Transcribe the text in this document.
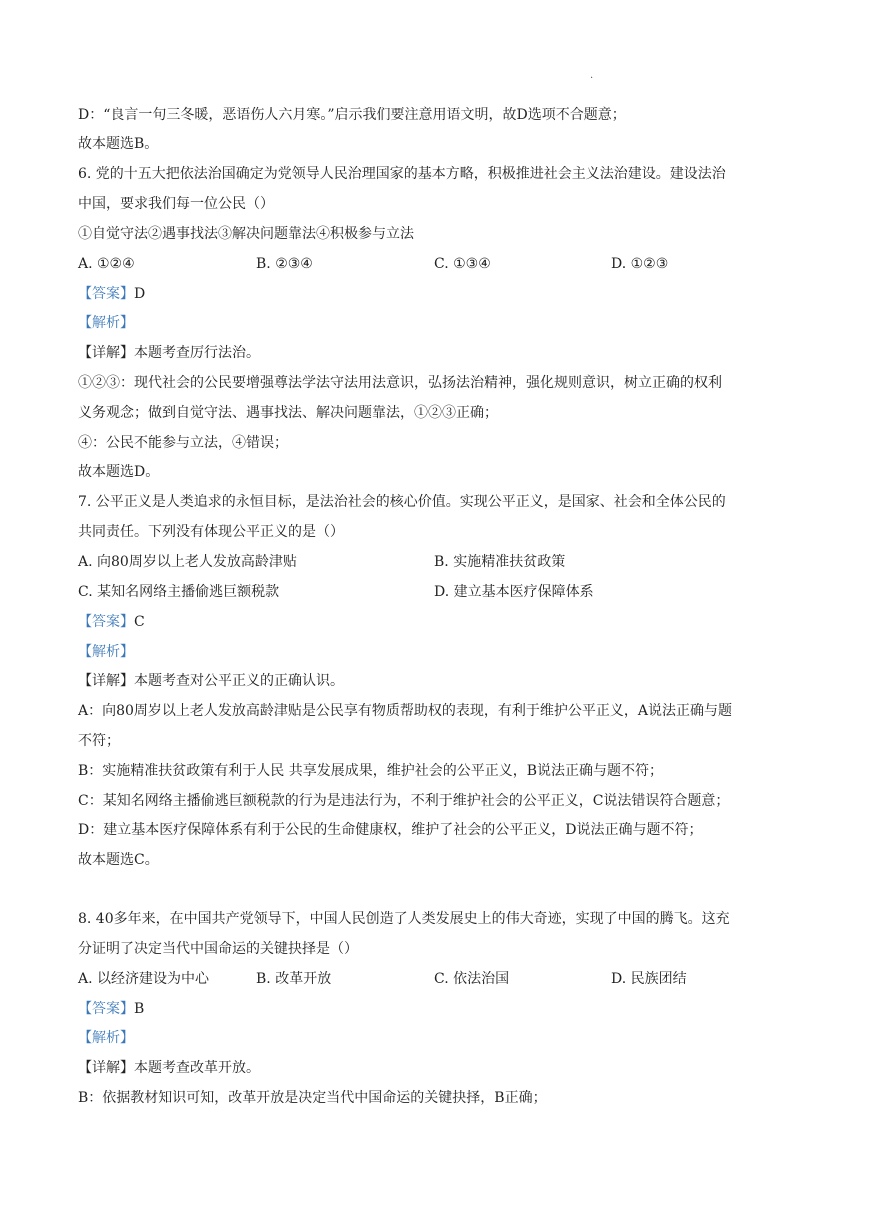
.
D：“良言一句三冬暖，恶语伤人六月寒。”启示我们要注意用语文明，故D选项不合题意；
故本题选B。
6. 党的十五大把依法治国确定为党领导人民治理国家的基本方略，积极推进社会主义法治建设。建设法治
中国，要求我们每一位公民（）
①自觉守法②遇事找法③解决问题靠法④积极参与立法
A. ①②④	B. ②③④	C. ①③④	D. ①②③
【答案】D
【解析】
【详解】本题考查厉行法治。
①②③：现代社会的公民要增强尊法学法守法用法意识，弘扬法治精神，强化规则意识，树立正确的权利
义务观念；做到自觉守法、遇事找法、解决问题靠法，①②③正确；
④：公民不能参与立法，④错误；
故本题选D。
7. 公平正义是人类追求的永恒目标，是法治社会的核心价值。实现公平正义，是国家、社会和全体公民的
共同责任。下列没有体现公平正义的是（）
A. 向80周岁以上老人发放高龄津贴	B. 实施精准扶贫政策
C. 某知名网络主播偷逃巨额税款	D. 建立基本医疗保障体系
【答案】C
【解析】
【详解】本题考查对公平正义的正确认识。
A：向80周岁以上老人发放高龄津贴是公民享有物质帮助权的表现，有利于维护公平正义，A说法正确与题
不符；
B：实施精准扶贫政策有利于人民 共享发展成果，维护社会的公平正义，B说法正确与题不符；
C：某知名网络主播偷逃巨额税款的行为是违法行为，不利于维护社会的公平正义，C说法错误符合题意；
D：建立基本医疗保障体系有利于公民的生命健康权，维护了社会的公平正义，D说法正确与题不符；
故本题选C。
8. 40多年来，在中国共产党领导下，中国人民创造了人类发展史上的伟大奇迹，实现了中国的腾飞。这充
分证明了决定当代中国命运的关键抉择是（）
A. 以经济建设为中心	B. 改革开放	C. 依法治国	D. 民族团结
【答案】B
【解析】
【详解】本题考查改革开放。
B：依据教材知识可知，改革开放是决定当代中国命运的关键抉择，B正确；
